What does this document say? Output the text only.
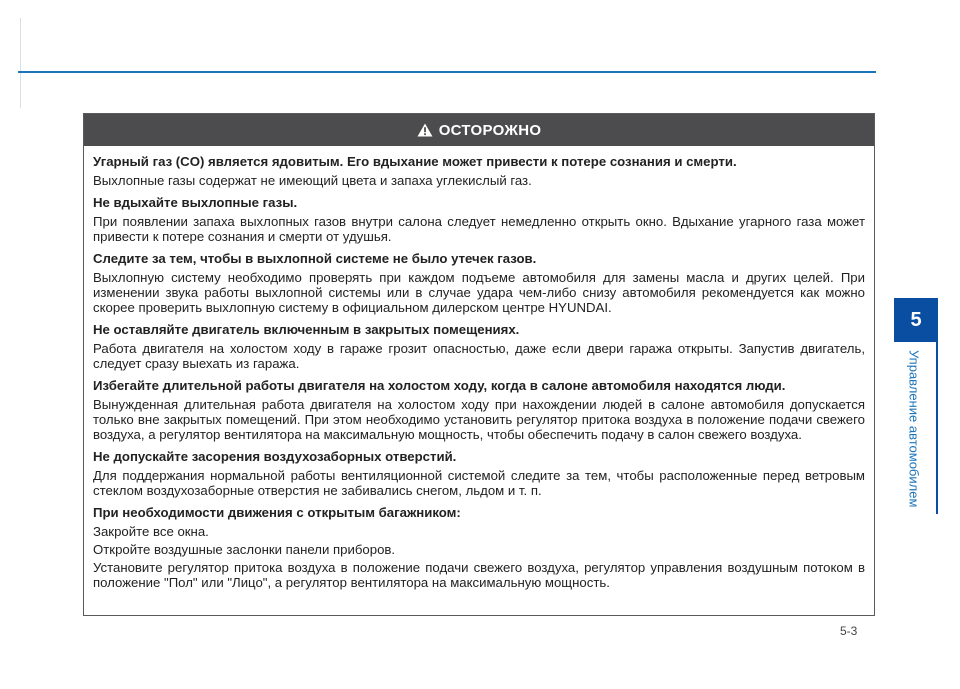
5
Управление автомобилем
ОСТОРОЖНО
Угарный газ (CO) является ядовитым. Его вдыхание может привести к потере сознания и смерти.
Выхлопные газы содержат не имеющий цвета и запаха углекислый газ.
Не вдыхайте выхлопные газы.
При появлении запаха выхлопных газов внутри салона следует немедленно открыть окно. Вдыхание угарного газа может привести к потере сознания и смерти от удушья.
Следите за тем, чтобы в выхлопной системе не было утечек газов.
Выхлопную систему необходимо проверять при каждом подъеме автомобиля для замены масла и других целей. При изменении звука работы выхлопной системы или в случае удара чем-либо снизу автомобиля рекомендуется как можно скорее проверить выхлопную систему в официальном дилерском центре HYUNDAI.
Не оставляйте двигатель включенным в закрытых помещениях.
Работа двигателя на холостом ходу в гараже грозит опасностью, даже если двери гаража открыты. Запустив двигатель, следует сразу выехать из гаража.
Избегайте длительной работы двигателя на холостом ходу, когда в салоне автомобиля находятся люди.
Вынужденная длительная работа двигателя на холостом ходу при нахождении людей в салоне автомобиля допускается только вне закрытых помещений. При этом необходимо установить регулятор притока воздуха в положение подачи свежего воздуха, а регулятор вентилятора на максимальную мощность, чтобы обеспечить подачу в салон свежего воздуха.
Не допускайте засорения воздухозаборных отверстий.
Для поддержания нормальной работы вентиляционной системой следите за тем, чтобы расположенные перед ветровым стеклом воздухозаборные отверстия не забивались снегом, льдом и т. п.
При необходимости движения с открытым багажником:
Закройте все окна.
Откройте воздушные заслонки панели приборов.
Установите регулятор притока воздуха в положение подачи свежего воздуха, регулятор управления воздушным потоком в положение "Пол" или "Лицо", а регулятор вентилятора на максимальную мощность.
5-3
